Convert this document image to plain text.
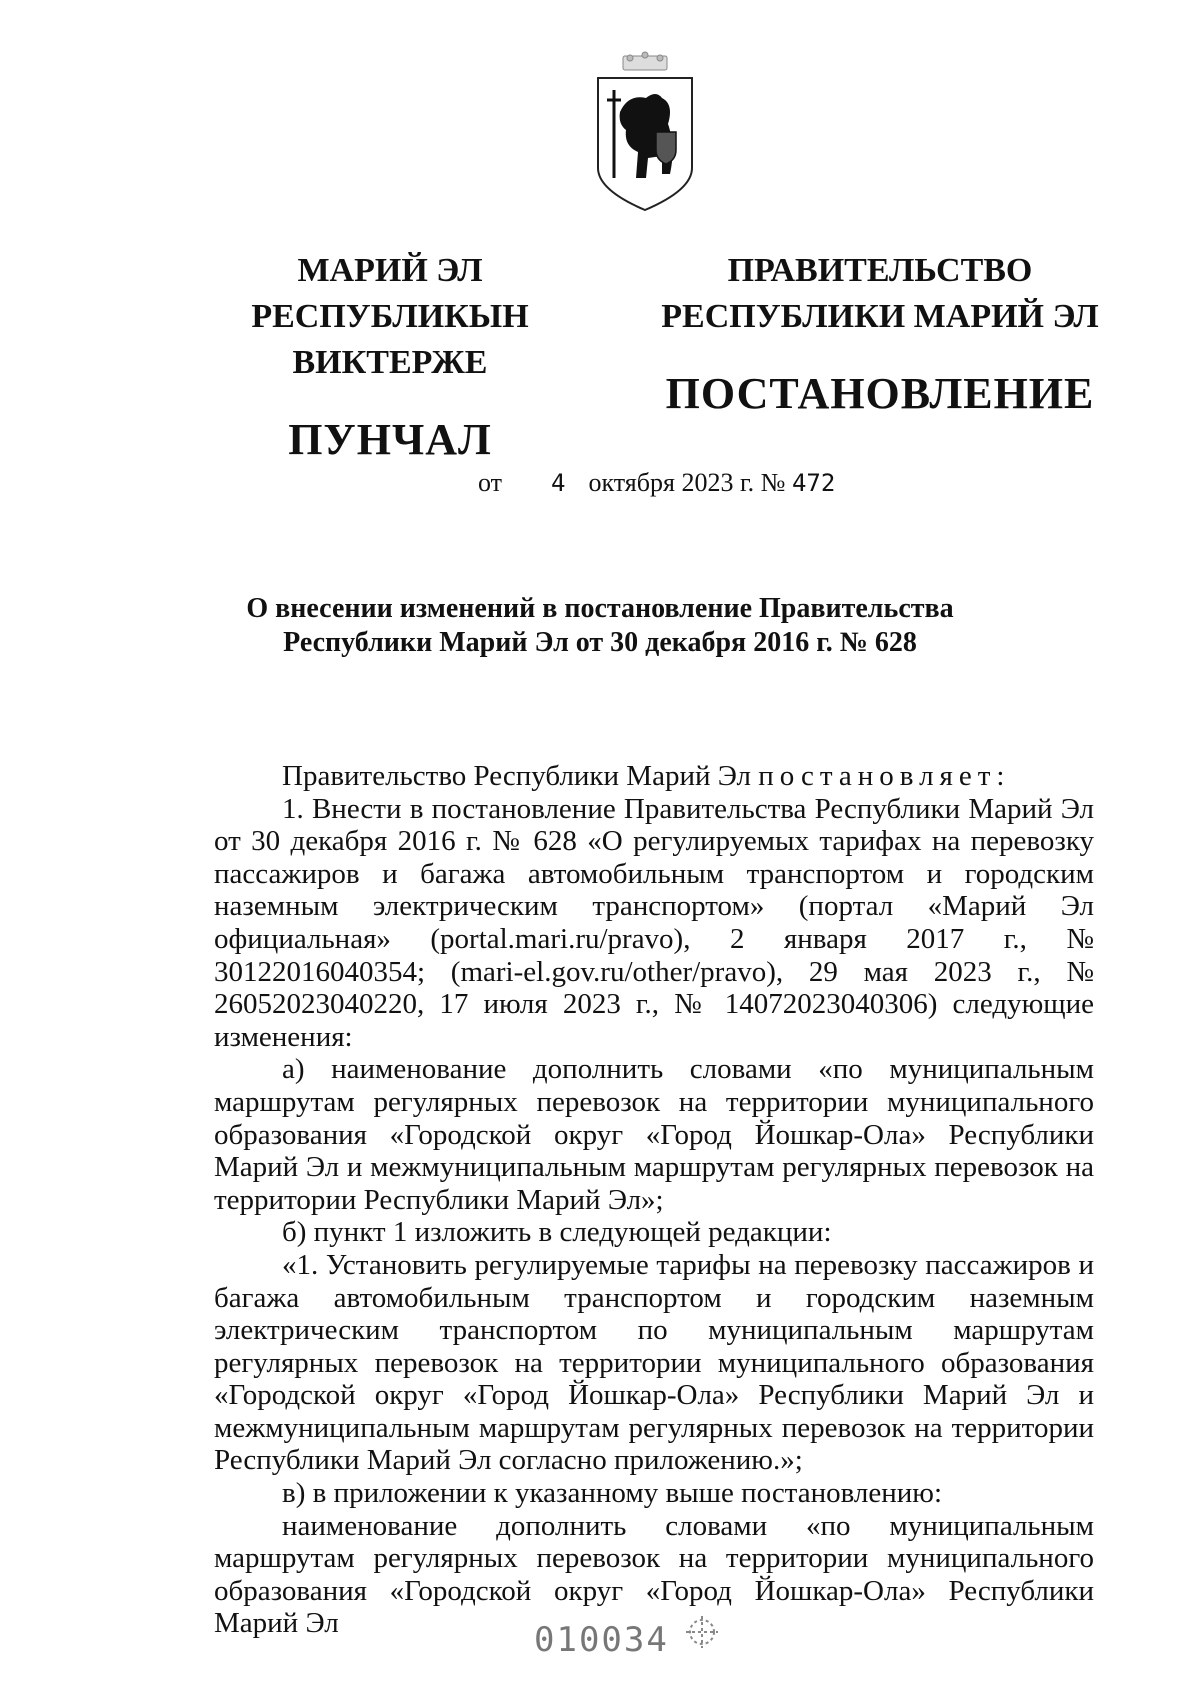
МАРИЙ ЭЛ РЕСПУБЛИКЫН
ВИКТЕРЖЕ
ПУНЧАЛ
ПРАВИТЕЛЬСТВО
РЕСПУБЛИКИ МАРИЙ ЭЛ
ПОСТАНОВЛЕНИЕ
от 4 октября 2023 г. № 472
О внесении изменений в постановление Правительства
Республики Марий Эл от 30 декабря 2016 г. № 628

Правительство Республики Марий Эл постановляет:

1. Внести в постановление Правительства Республики Марий Эл от 30 декабря 2016 г. № 628 «О регулируемых тарифах на перевозку пассажиров и багажа автомобильным транспортом и городским наземным электрическим транспортом» (портал «Марий Эл официальная» (portal.mari.ru/pravo), 2 января 2017 г., № 30122016040354; (mari-el.gov.ru/other/pravo), 29 мая 2023 г., № 26052023040220, 17 июля 2023 г., № 14072023040306) следующие изменения:

а) наименование дополнить словами «по муниципальным маршрутам регулярных перевозок на территории муниципального образования «Городской округ «Город Йошкар-Ола» Республики Марий Эл и межмуниципальным маршрутам регулярных перевозок на территории Республики Марий Эл»;

б) пункт 1 изложить в следующей редакции:

«1. Установить регулируемые тарифы на перевозку пассажиров и багажа автомобильным транспортом и городским наземным электрическим транспортом по муниципальным маршрутам регулярных перевозок на территории муниципального образования «Городской округ «Город Йошкар-Ола» Республики Марий Эл и межмуниципальным маршрутам регулярных перевозок на территории Республики Марий Эл согласно приложению.»;

в) в приложении к указанному выше постановлению:

наименование дополнить словами «по муниципальным маршрутам регулярных перевозок на территории муниципального образования «Городской округ «Город Йошкар-Ола» Республики Марий Эл	010034
